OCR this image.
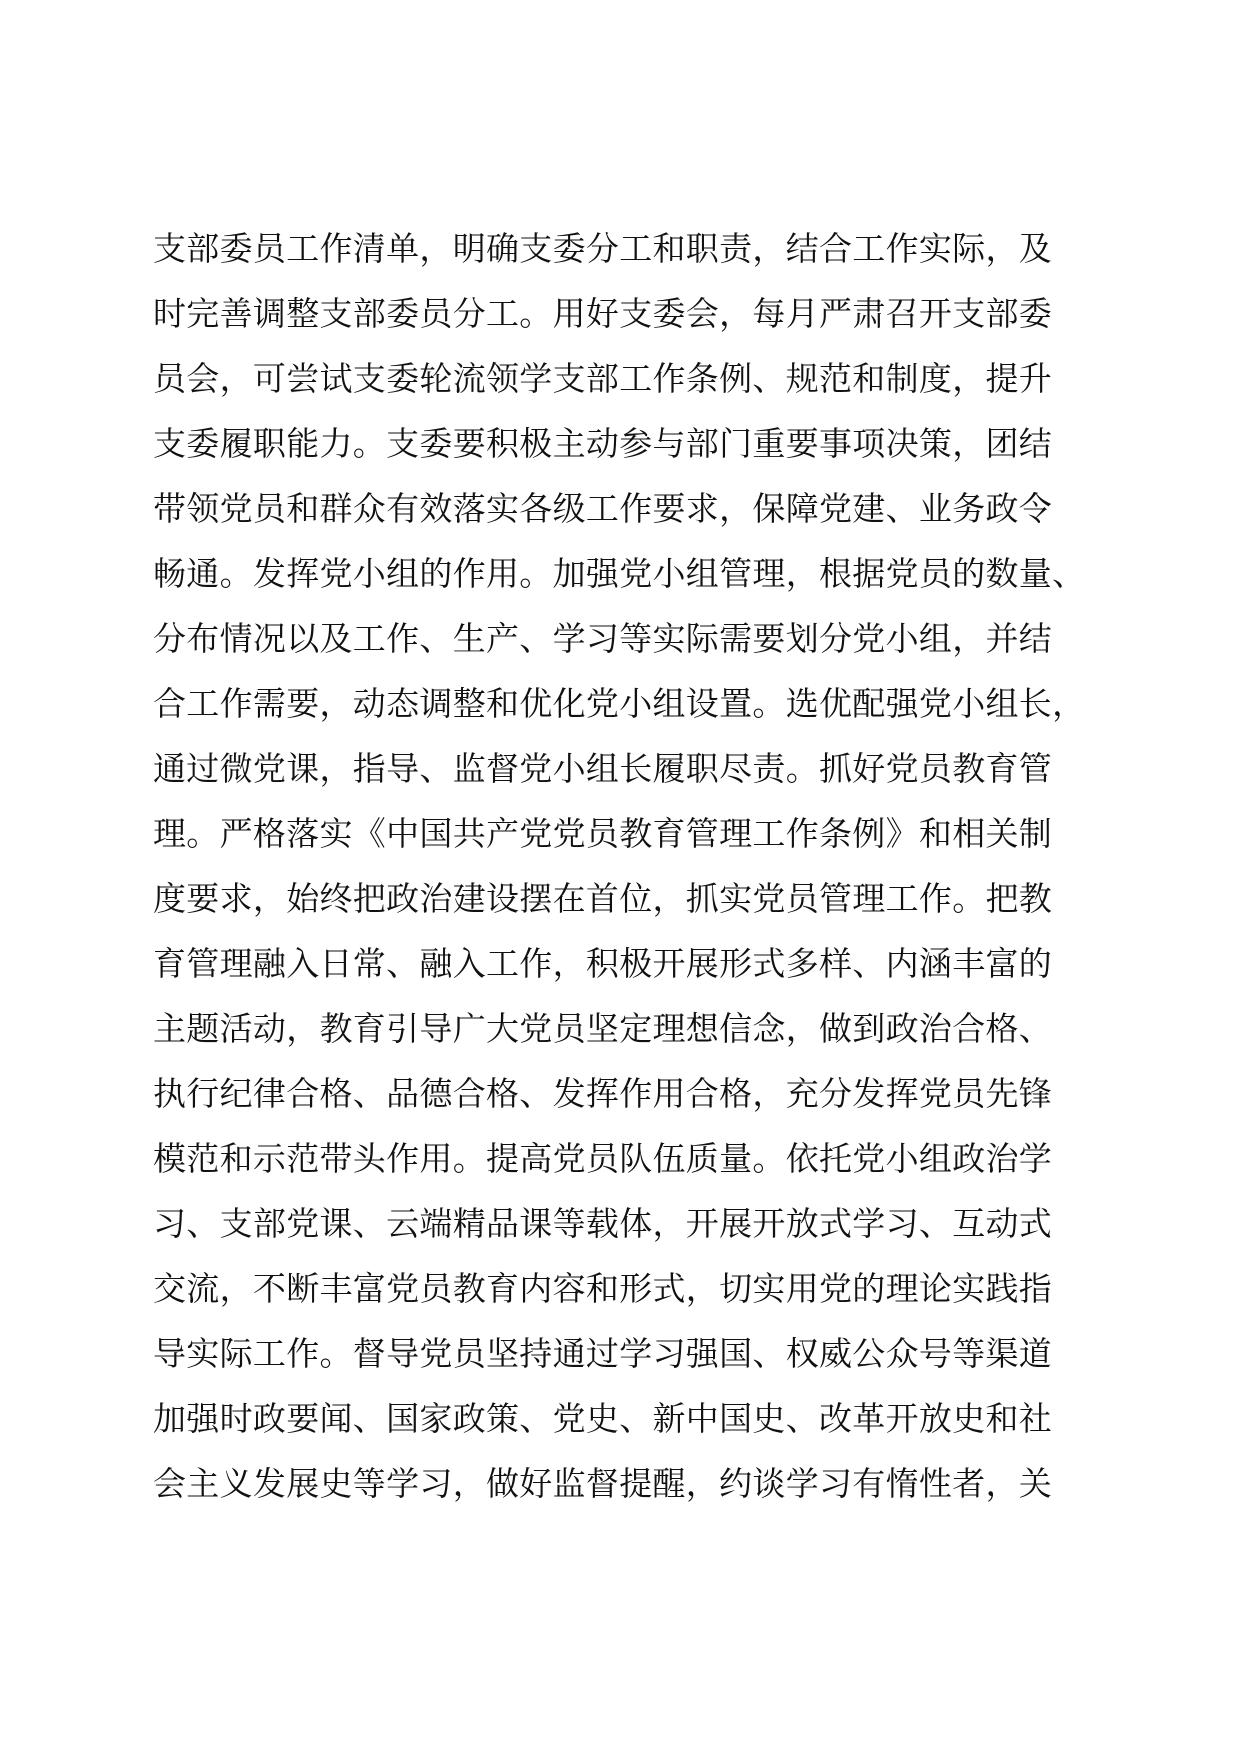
支部委员工作清单，明确支委分工和职责，结合工作实际，及
时完善调整支部委员分工。用好支委会，每月严肃召开支部委
员会，可尝试支委轮流领学支部工作条例、规范和制度，提升
支委履职能力。支委要积极主动参与部门重要事项决策，团结
带领党员和群众有效落实各级工作要求，保障党建、业务政令
畅通。发挥党小组的作用。加强党小组管理，根据党员的数量、
分布情况以及工作、生产、学习等实际需要划分党小组，并结
合工作需要，动态调整和优化党小组设置。选优配强党小组长，
通过微党课，指导、监督党小组长履职尽责。抓好党员教育管
理。严格落实《中国共产党党员教育管理工作条例》和相关制
度要求，始终把政治建设摆在首位，抓实党员管理工作。把教
育管理融入日常、融入工作，积极开展形式多样、内涵丰富的
主题活动，教育引导广大党员坚定理想信念，做到政治合格、
执行纪律合格、品德合格、发挥作用合格，充分发挥党员先锋
模范和示范带头作用。提高党员队伍质量。依托党小组政治学
习、支部党课、云端精品课等载体，开展开放式学习、互动式
交流，不断丰富党员教育内容和形式，切实用党的理论实践指
导实际工作。督导党员坚持通过学习强国、权威公众号等渠道
加强时政要闻、国家政策、党史、新中国史、改革开放史和社
会主义发展史等学习，做好监督提醒，约谈学习有惰性者，关
